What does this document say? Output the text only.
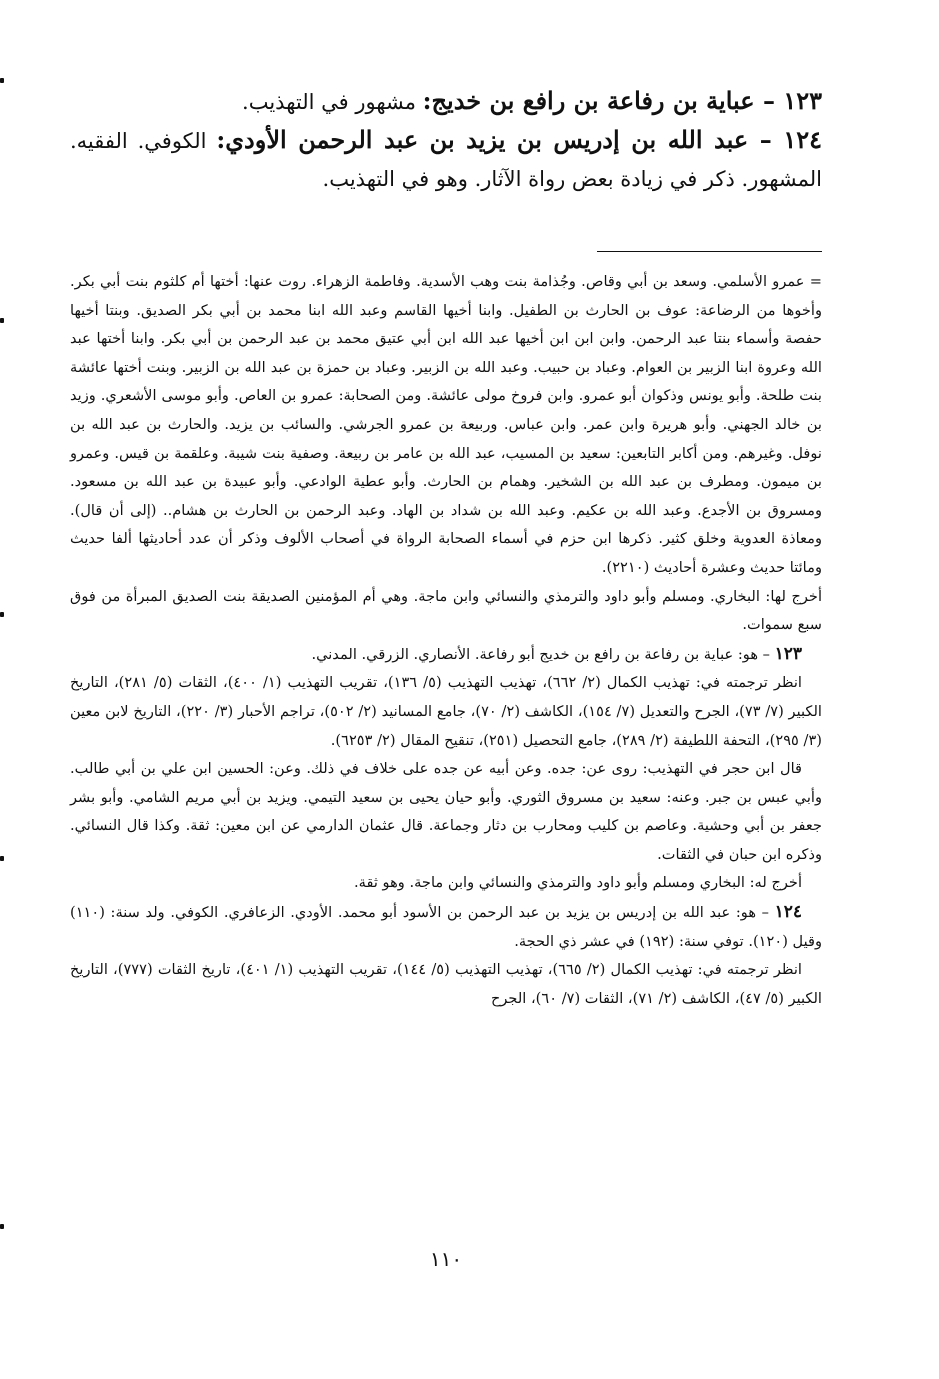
١٢٣ – عباية بن رفاعة بن رافع بن خديج: مشهور في التهذيب.

١٢٤ – عبد الله بن إدريس بن يزيد بن عبد الرحمن الأودي: الكوفي. الفقيه. المشهور. ذكر في زيادة بعض رواة الآثار. وهو في التهذيب.

= عمرو الأسلمي. وسعد بن أبي وقاص. وجُذامة بنت وهب الأسدية. وفاطمة الزهراء. روت عنها: أختها أم كلثوم بنت أبي بكر. وأخوها من الرضاعة: عوف بن الحارث بن الطفيل. وابنا أخيها القاسم وعبد الله ابنا محمد بن أبي بكر الصديق. وبنتا أخيها حفصة وأسماء بنتا عبد الرحمن. وابن ابن ابن أخيها عبد الله ابن أبي عتيق محمد بن عبد الرحمن بن أبي بكر. وابنا أختها عبد الله وعروة ابنا الزبير بن العوام. وعباد بن حبيب. وعبد الله بن الزبير. وعباد بن حمزة بن عبد الله بن الزبير. وبنت أختها عائشة بنت طلحة. وأبو يونس وذكوان أبو عمرو. وابن فروخ مولى عائشة. ومن الصحابة: عمرو بن العاص. وأبو موسى الأشعري. وزيد بن خالد الجهني. وأبو هريرة وابن عمر. وابن عباس. وربيعة بن عمرو الجرشي. والسائب بن يزيد. والحارث بن عبد الله بن نوفل. وغيرهم. ومن أكابر التابعين: سعيد بن المسيب، عبد الله بن عامر بن ربيعة. وصفية بنت شيبة. وعلقمة بن قيس. وعمرو بن ميمون. ومطرف بن عبد الله بن الشخير. وهمام بن الحارث. وأبو عطية الوادعي. وأبو عبيدة بن عبد الله بن مسعود. ومسروق بن الأجدع. وعبد الله بن عكيم. وعبد الله بن شداد بن الهاد. وعبد الرحمن بن الحارث بن هشام.. (إلى أن قال). ومعاذة العدوية وخلق كثير. ذكرها ابن حزم في أسماء الصحابة الرواة في أصحاب الألوف وذكر أن عدد أحاديثها ألفا حديث ومائتا حديث وعشرة أحاديث (٢٢١٠).

أخرج لها: البخاري. ومسلم وأبو داود والترمذي والنسائي وابن ماجة. وهي أم المؤمنين الصديقة بنت الصديق المبرأة من فوق سبع سموات.

١٢٣ – هو: عباية بن رفاعة بن رافع بن خديج أبو رفاعة. الأنصاري. الزرقي. المدني.

انظر ترجمته في: تهذيب الكمال (٢/ ٦٦٢)، تهذيب التهذيب (٥/ ١٣٦)، تقريب التهذيب (١/ ٤٠٠)، الثقات (٥/ ٢٨١)، التاريخ الكبير (٧/ ٧٣)، الجرح والتعديل (٧/ ١٥٤)، الكاشف (٢/ ٧٠)، جامع المسانيد (٢/ ٥٠٢)، تراجم الأحبار (٣/ ٢٢٠)، التاريخ لابن معين (٣/ ٢٩٥)، التحفة اللطيفة (٢/ ٢٨٩)، جامع التحصيل (٢٥١)، تنقيح المقال (٢/ ٦٢٥٣).

قال ابن حجر في التهذيب: روى عن: جده. وعن أبيه عن جده على خلاف في ذلك. وعن: الحسين ابن علي بن أبي طالب. وأبي عبس بن جبر. وعنه: سعيد بن مسروق الثوري. وأبو حيان يحيى بن سعيد التيمي. ويزيد بن أبي مريم الشامي. وأبو بشر جعفر بن أبي وحشية. وعاصم بن كليب ومحارب بن دثار وجماعة. قال عثمان الدارمي عن ابن معين: ثقة. وكذا قال النسائي. وذكره ابن حبان في الثقات.

أخرج له: البخاري ومسلم وأبو داود والترمذي والنسائي وابن ماجة. وهو ثقة.

١٢٤ – هو: عبد الله بن إدريس بن يزيد بن عبد الرحمن بن الأسود أبو محمد. الأودي. الزعافري. الكوفي. ولد سنة: (١١٠) وقيل (١٢٠). توفي سنة: (١٩٢) في عشر ذي الحجة.

انظر ترجمته في: تهذيب الكمال (٢/ ٦٦٥)، تهذيب التهذيب (٥/ ١٤٤)، تقريب التهذيب (١/ ٤٠١)، تاريخ الثقات (٧٧٧)، التاريخ الكبير (٥/ ٤٧)، الكاشف (٢/ ٧١)، الثقات (٧/ ٦٠)، الجرح

١١٠
